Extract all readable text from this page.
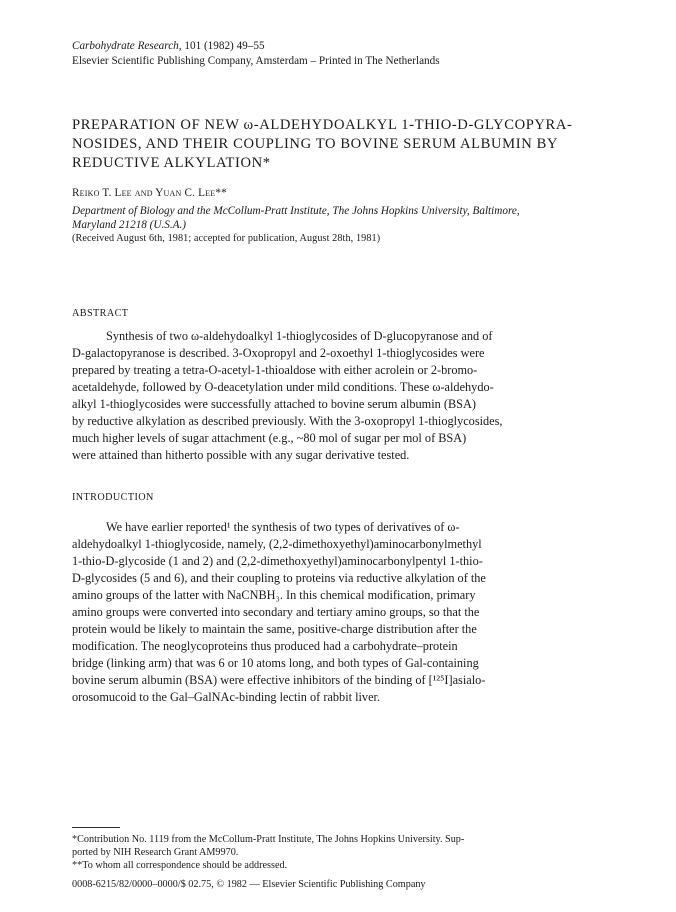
Carbohydrate Research, 101 (1982) 49–55
Elsevier Scientific Publishing Company, Amsterdam – Printed in The Netherlands
PREPARATION OF NEW ω-ALDEHYDOALKYL 1-THIO-D-GLYCOPYRA-
NOSIDES, AND THEIR COUPLING TO BOVINE SERUM ALBUMIN BY
REDUCTIVE ALKYLATION*
Reiko T. Lee and Yuan C. Lee**
Department of Biology and the McCollum-Pratt Institute, The Johns Hopkins University, Baltimore,
Maryland 21218 (U.S.A.)
(Received August 6th, 1981; accepted for publication, August 28th, 1981)
ABSTRACT
Synthesis of two ω-aldehydoalkyl 1-thioglycosides of D-glucopyranose and of
D-galactopyranose is described. 3-Oxopropyl and 2-oxoethyl 1-thioglycosides were
prepared by treating a tetra-O-acetyl-1-thioaldose with either acrolein or 2-bromo-
acetaldehyde, followed by O-deacetylation under mild conditions. These ω-aldehydo-
alkyl 1-thioglycosides were successfully attached to bovine serum albumin (BSA)
by reductive alkylation as described previously. With the 3-oxopropyl 1-thioglycosides,
much higher levels of sugar attachment (e.g., ~80 mol of sugar per mol of BSA)
were attained than hitherto possible with any sugar derivative tested.
INTRODUCTION
We have earlier reported¹ the synthesis of two types of derivatives of ω-
aldehydoalkyl 1-thioglycoside, namely, (2,2-dimethoxyethyl)aminocarbonylmethyl
1-thio-D-glycoside (1 and 2) and (2,2-dimethoxyethyl)aminocarbonylpentyl 1-thio-
D-glycosides (5 and 6), and their coupling to proteins via reductive alkylation of the
amino groups of the latter with NaCNBH₃. In this chemical modification, primary
amino groups were converted into secondary and tertiary amino groups, so that the
protein would be likely to maintain the same, positive-charge distribution after the
modification. The neoglycoproteins thus produced had a carbohydrate–protein
bridge (linking arm) that was 6 or 10 atoms long, and both types of Gal-containing
bovine serum albumin (BSA) were effective inhibitors of the binding of [¹²⁵I]asialo-
orosomucoid to the Gal–GalNAc-binding lectin of rabbit liver.
*Contribution No. 1119 from the McCollum-Pratt Institute, The Johns Hopkins University. Sup-
ported by NIH Research Grant AM9970.
**To whom all correspondence should be addressed.
0008-6215/82/0000–0000/$ 02.75, © 1982 — Elsevier Scientific Publishing Company
